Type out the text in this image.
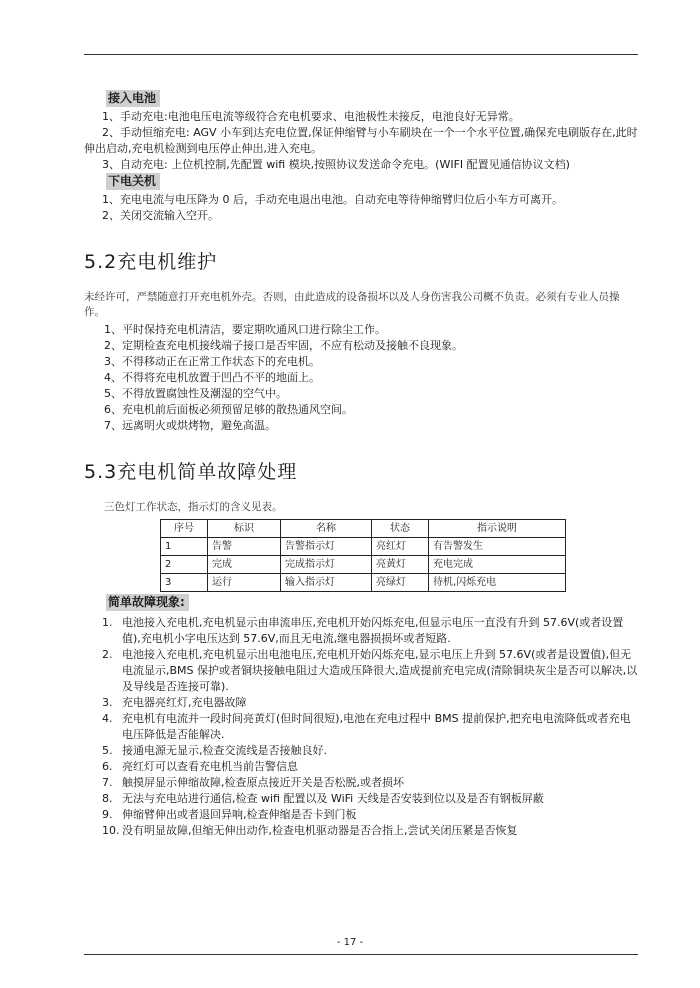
接入电池

1、手动充电:电池电压电流等级符合充电机要求、电池极性未接反，电池良好无异常。

2、手动恒缩充电: AGV 小车到达充电位置,保证伸缩臂与小车刷块在一个一个水平位置,确保充电刷版存在,此时伸出启动,充电机检测到电压停止伸出,进入充电。

3、自动充电: 上位机控制,先配置 wifi 模块,按照协议发送命令充电。(WIFI 配置见通信协议文档)

下电关机

1、充电电流与电压降为 0 后，手动充电退出电池。自动充电等待伸缩臂归位后小车方可离开。

2、关闭交流输入空开。

5.2充电机维护

未经许可，严禁随意打开充电机外壳。否则，由此造成的设备损坏以及人身伤害我公司概不负责。必须有专业人员操作。

1、平时保持充电机清洁，要定期吹通风口进行除尘工作。

2、定期检查充电机接线端子接口是否牢固，不应有松动及接触不良现象。

3、不得移动正在正常工作状态下的充电机。

4、不得将充电机放置于凹凸不平的地面上。

5、不得放置腐蚀性及潮湿的空气中。

6、充电机前后面板必须预留足够的散热通风空间。

7、远离明火或烘烤物，避免高温。

5.3充电机简单故障处理

三色灯工作状态，指示灯的含义见表。

序号	标识	名称	状态	指示说明
1	告警	告警指示灯	亮红灯	有告警发生
2	完成	完成指示灯	亮黄灯	充电完成
3	运行	输入指示灯	亮绿灯	待机,闪烁充电
简单故障现象:
1. 电池接入充电机,充电机显示由串流串压,充电机开始闪烁充电,但显示电压一直没有升到 57.6V(或者设置值),充电机小字电压达到 57.6V,而且无电流,继电器损损坏或者短路.
2. 电池接入充电机,充电机显示出电池电压,充电机开始闪烁充电,显示电压上升到 57.6V(或者是设置值),但无电流显示,BMS 保护或者铜块接触电阻过大造成压降很大,造成提前充电完成(清除铜块灰尘是否可以解决,以及导线是否连接可靠).
3. 充电器亮红灯,充电器故障
4. 充电机有电流并一段时间亮黄灯(但时间很短),电池在充电过程中 BMS 提前保护,把充电电流降低或者充电电压降低是否能解决.
5. 接通电源无显示,检查交流线是否接触良好.
6. 亮红灯可以查看充电机当前告警信息
7. 触摸屏显示伸缩故障,检查原点接近开关是否松脱,或者损坏
8. 无法与充电站进行通信,检查 wifi 配置以及 WiFi 天线是否安装到位以及是否有钢板屏蔽
9. 伸缩臂伸出或者退回异响,检查伸缩是否卡到门板
10. 没有明显故障,但缩无伸出动作,检查电机驱动器是否合指上,尝试关闭压紧是否恢复
- 17 -
